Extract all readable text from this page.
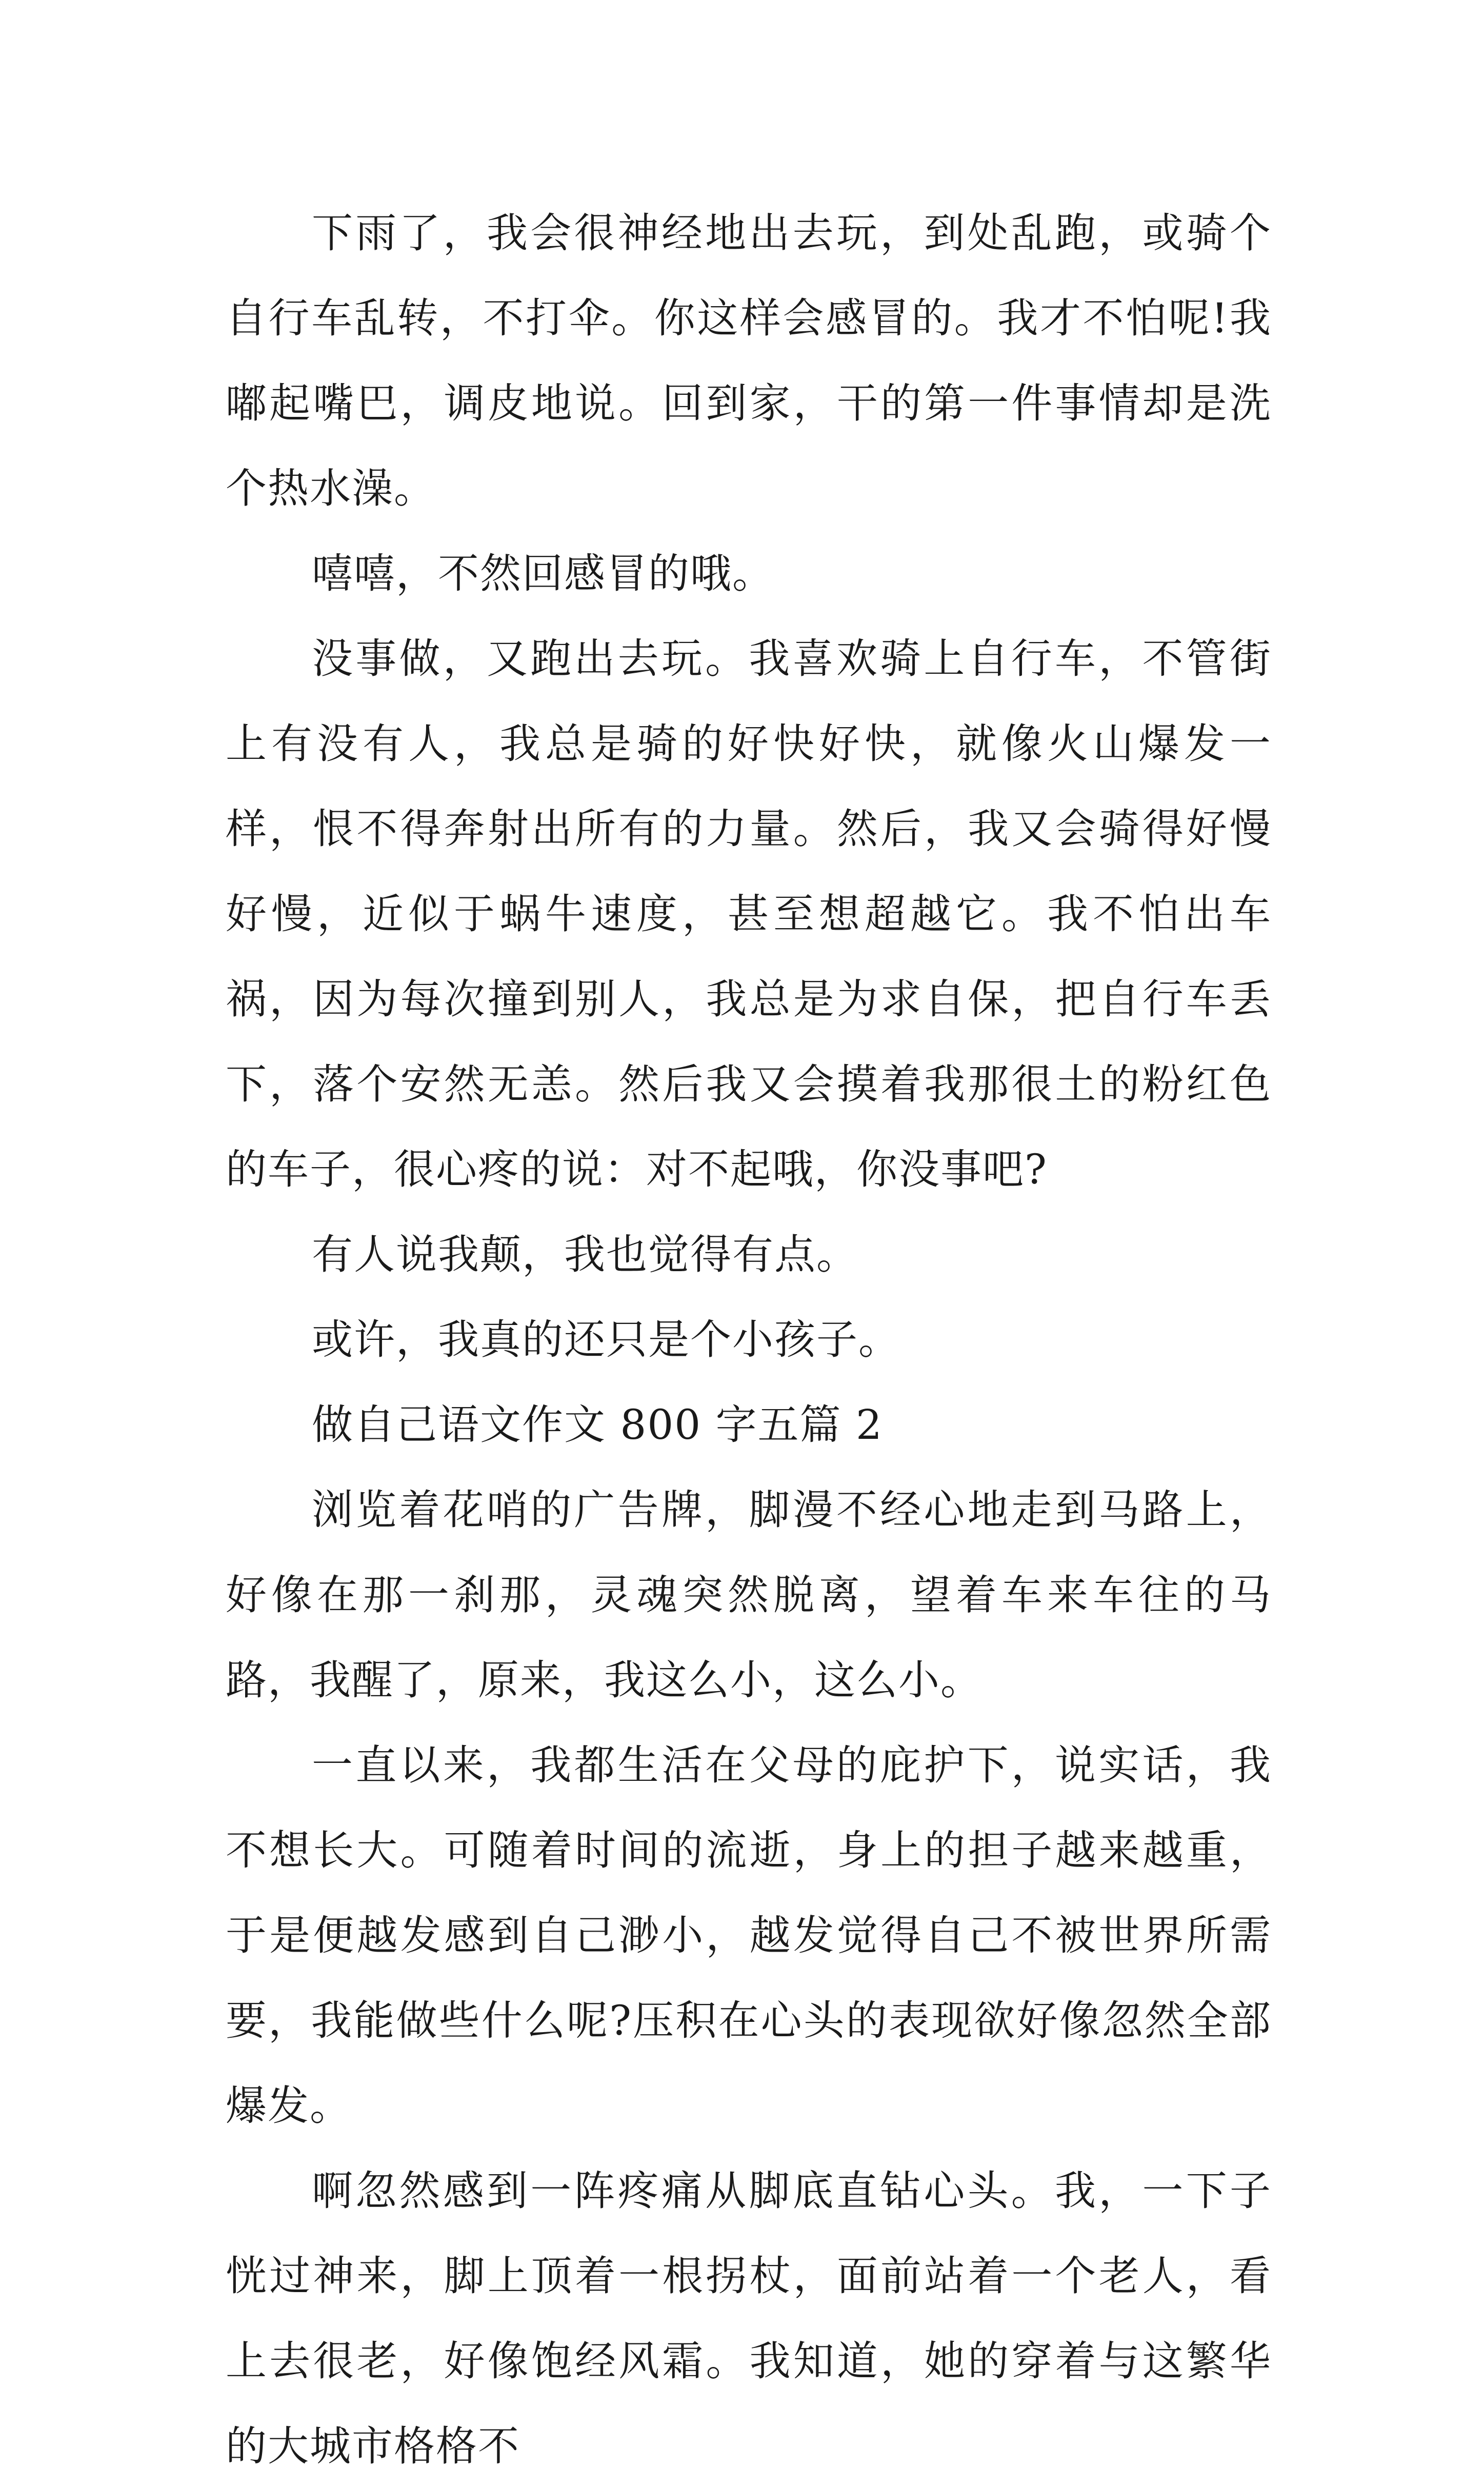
下雨了，我会很神经地出去玩，到处乱跑，或骑个自行车乱转，不打伞。你这样会感冒的。我才不怕呢!我嘟起嘴巴，调皮地说。回到家，干的第一件事情却是洗个热水澡。

嘻嘻，不然回感冒的哦。

没事做，又跑出去玩。我喜欢骑上自行车，不管街上有没有人，我总是骑的好快好快，就像火山爆发一样，恨不得奔射出所有的力量。然后，我又会骑得好慢好慢，近似于蜗牛速度，甚至想超越它。我不怕出车祸，因为每次撞到别人，我总是为求自保，把自行车丢下，落个安然无恙。然后我又会摸着我那很土的粉红色的车子，很心疼的说：对不起哦，你没事吧?

有人说我颠，我也觉得有点。

或许，我真的还只是个小孩子。

做自己语文作文 800 字五篇 2

浏览着花哨的广告牌，脚漫不经心地走到马路上，好像在那一刹那，灵魂突然脱离，望着车来车往的马路，我醒了，原来，我这么小，这么小。

一直以来，我都生活在父母的庇护下，说实话，我不想长大。可随着时间的流逝，身上的担子越来越重，于是便越发感到自己渺小，越发觉得自己不被世界所需要，我能做些什么呢?压积在心头的表现欲好像忽然全部爆发。

啊忽然感到一阵疼痛从脚底直钻心头。我，一下子恍过神来，脚上顶着一根拐杖，面前站着一个老人，看上去很老，好像饱经风霜。我知道，她的穿着与这繁华的大城市格格不
